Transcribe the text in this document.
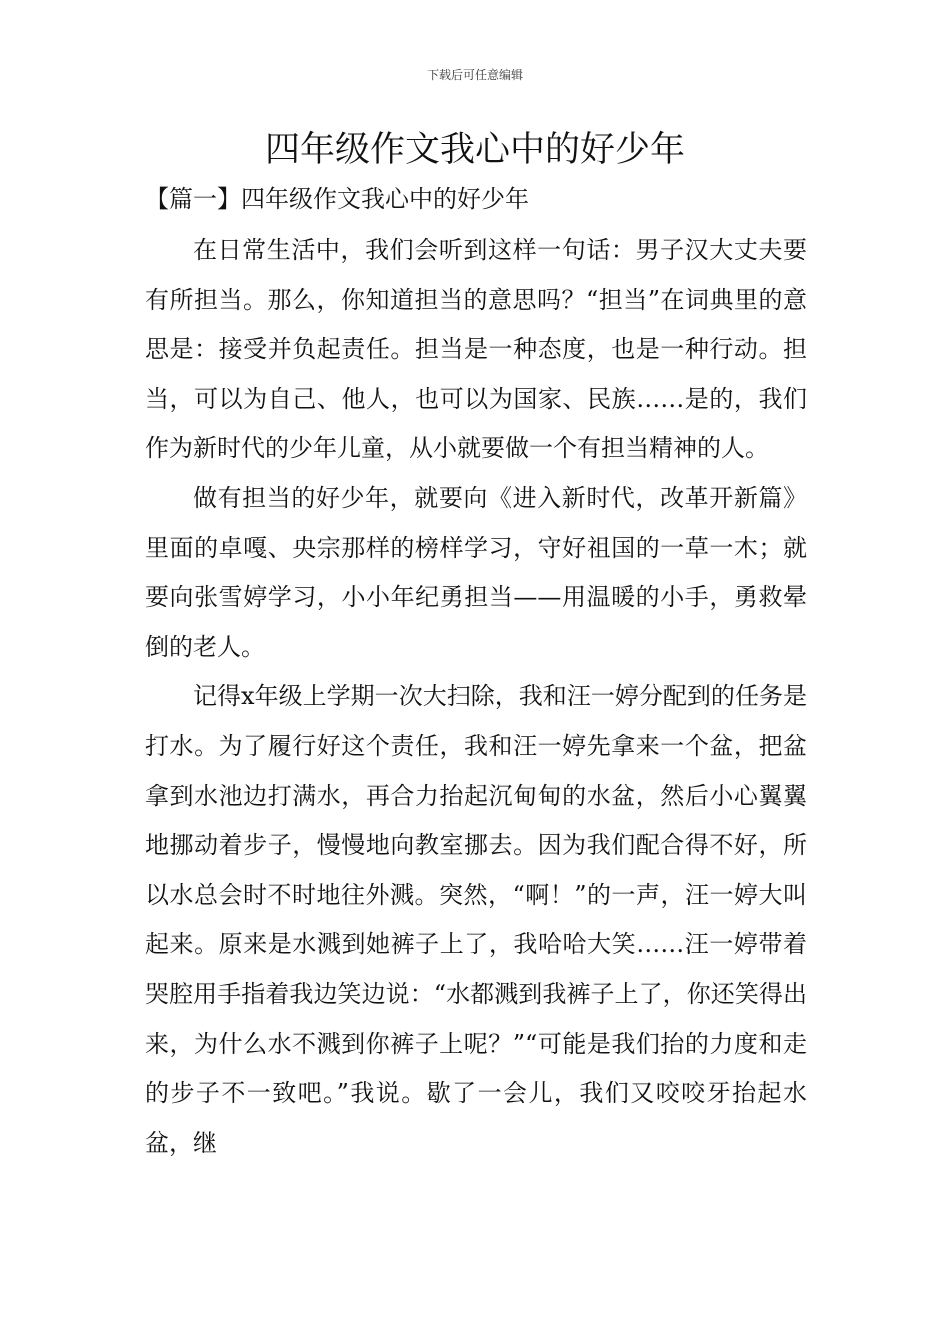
下载后可任意编辑
四年级作文我心中的好少年
【篇一】四年级作文我心中的好少年

在日常生活中，我们会听到这样一句话：男子汉大丈夫要有所担当。那么，你知道担当的意思吗？“担当”在词典里的意思是：接受并负起责任。担当是一种态度，也是一种行动。担当，可以为自己、他人，也可以为国家、民族……是的，我们作为新时代的少年儿童，从小就要做一个有担当精神的人。

做有担当的好少年，就要向《进入新时代，改革开新篇》里面的卓嘎、央宗那样的榜样学习，守好祖国的一草一木；就要向张雪婷学习，小小年纪勇担当——用温暖的小手，勇救晕倒的老人。

记得x年级上学期一次大扫除，我和汪一婷分配到的任务是打水。为了履行好这个责任，我和汪一婷先拿来一个盆，把盆拿到水池边打满水，再合力抬起沉甸甸的水盆，然后小心翼翼地挪动着步子，慢慢地向教室挪去。因为我们配合得不好，所以水总会时不时地往外溅。突然，“啊！”的一声，汪一婷大叫起来。原来是水溅到她裤子上了，我哈哈大笑……汪一婷带着哭腔用手指着我边笑边说：“水都溅到我裤子上了，你还笑得出来，为什么水不溅到你裤子上呢？”“可能是我们抬的力度和走的步子不一致吧。”我说。歇了一会儿，我们又咬咬牙抬起水盆，继
